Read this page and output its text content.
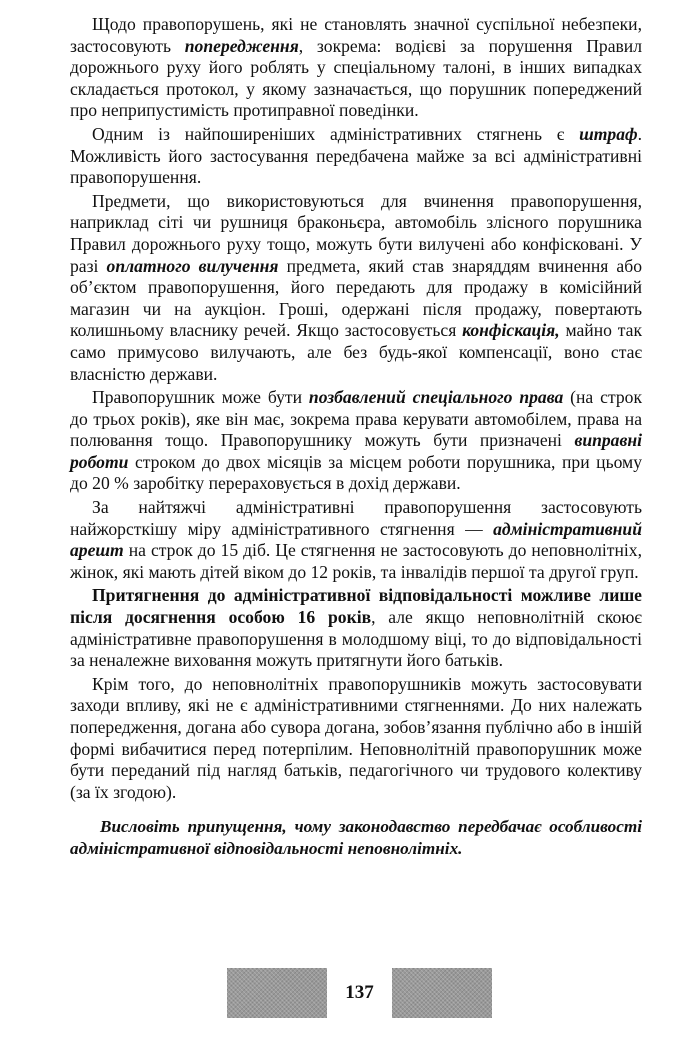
Щодо правопорушень, які не становлять значної суспільної небезпеки, застосовують попередження, зокрема: водієві за порушення Правил дорожнього руху його роблять у спеціальному талоні, в інших випадках складається протокол, у якому зазначається, що порушник попереджений про неприпустимість протиправної поведінки.

Одним із найпоширеніших адміністративних стягнень є штраф. Можливість його застосування передбачена майже за всі адміністративні правопорушення.

Предмети, що використовуються для вчинення правопорушення, наприклад сіті чи рушниця браконьєра, автомобіль злісного порушника Правил дорожнього руху тощо, можуть бути вилучені або конфісковані. У разі оплатного вилучення предмета, який став знаряддям вчинення або об’єктом правопорушення, його передають для продажу в комісійний магазин чи на аукціон. Гроші, одержані після продажу, повертають колишньому власнику речей. Якщо застосовується конфіскація, майно так само примусово вилучають, але без будь-якої компенсації, воно стає власністю держави.

Правопорушник може бути позбавлений спеціального права (на строк до трьох років), яке він має, зокрема права керувати автомобілем, права на полювання тощо. Правопорушнику можуть бути призначені виправні роботи строком до двох місяців за місцем роботи порушника, при цьому до 20 % заробітку перераховується в дохід держави.

За найтяжчі адміністративні правопорушення застосовують найжорсткішу міру адміністративного стягнення — адміністративний арешт на строк до 15 діб. Це стягнення не застосовують до неповнолітніх, жінок, які мають дітей віком до 12 років, та інвалідів першої та другої груп.

Притягнення до адміністративної відповідальності можливе лише після досягнення особою 16 років, але якщо неповнолітній скоює адміністративне правопорушення в молодшому віці, то до відповідальності за неналежне виховання можуть притягнути його батьків.

Крім того, до неповнолітніх правопорушників можуть застосовувати заходи впливу, які не є адміністративними стягненнями. До них належать попередження, догана або сувора догана, зобов’язання публічно або в іншій формі вибачитися перед потерпілим. Неповнолітній правопорушник може бути переданий під нагляд батьків, педагогічного чи трудового колективу (за їх згодою).

Висловіть припущення, чому законодавство передбачає особливості адміністративної відповідальності неповнолітніх.

137
